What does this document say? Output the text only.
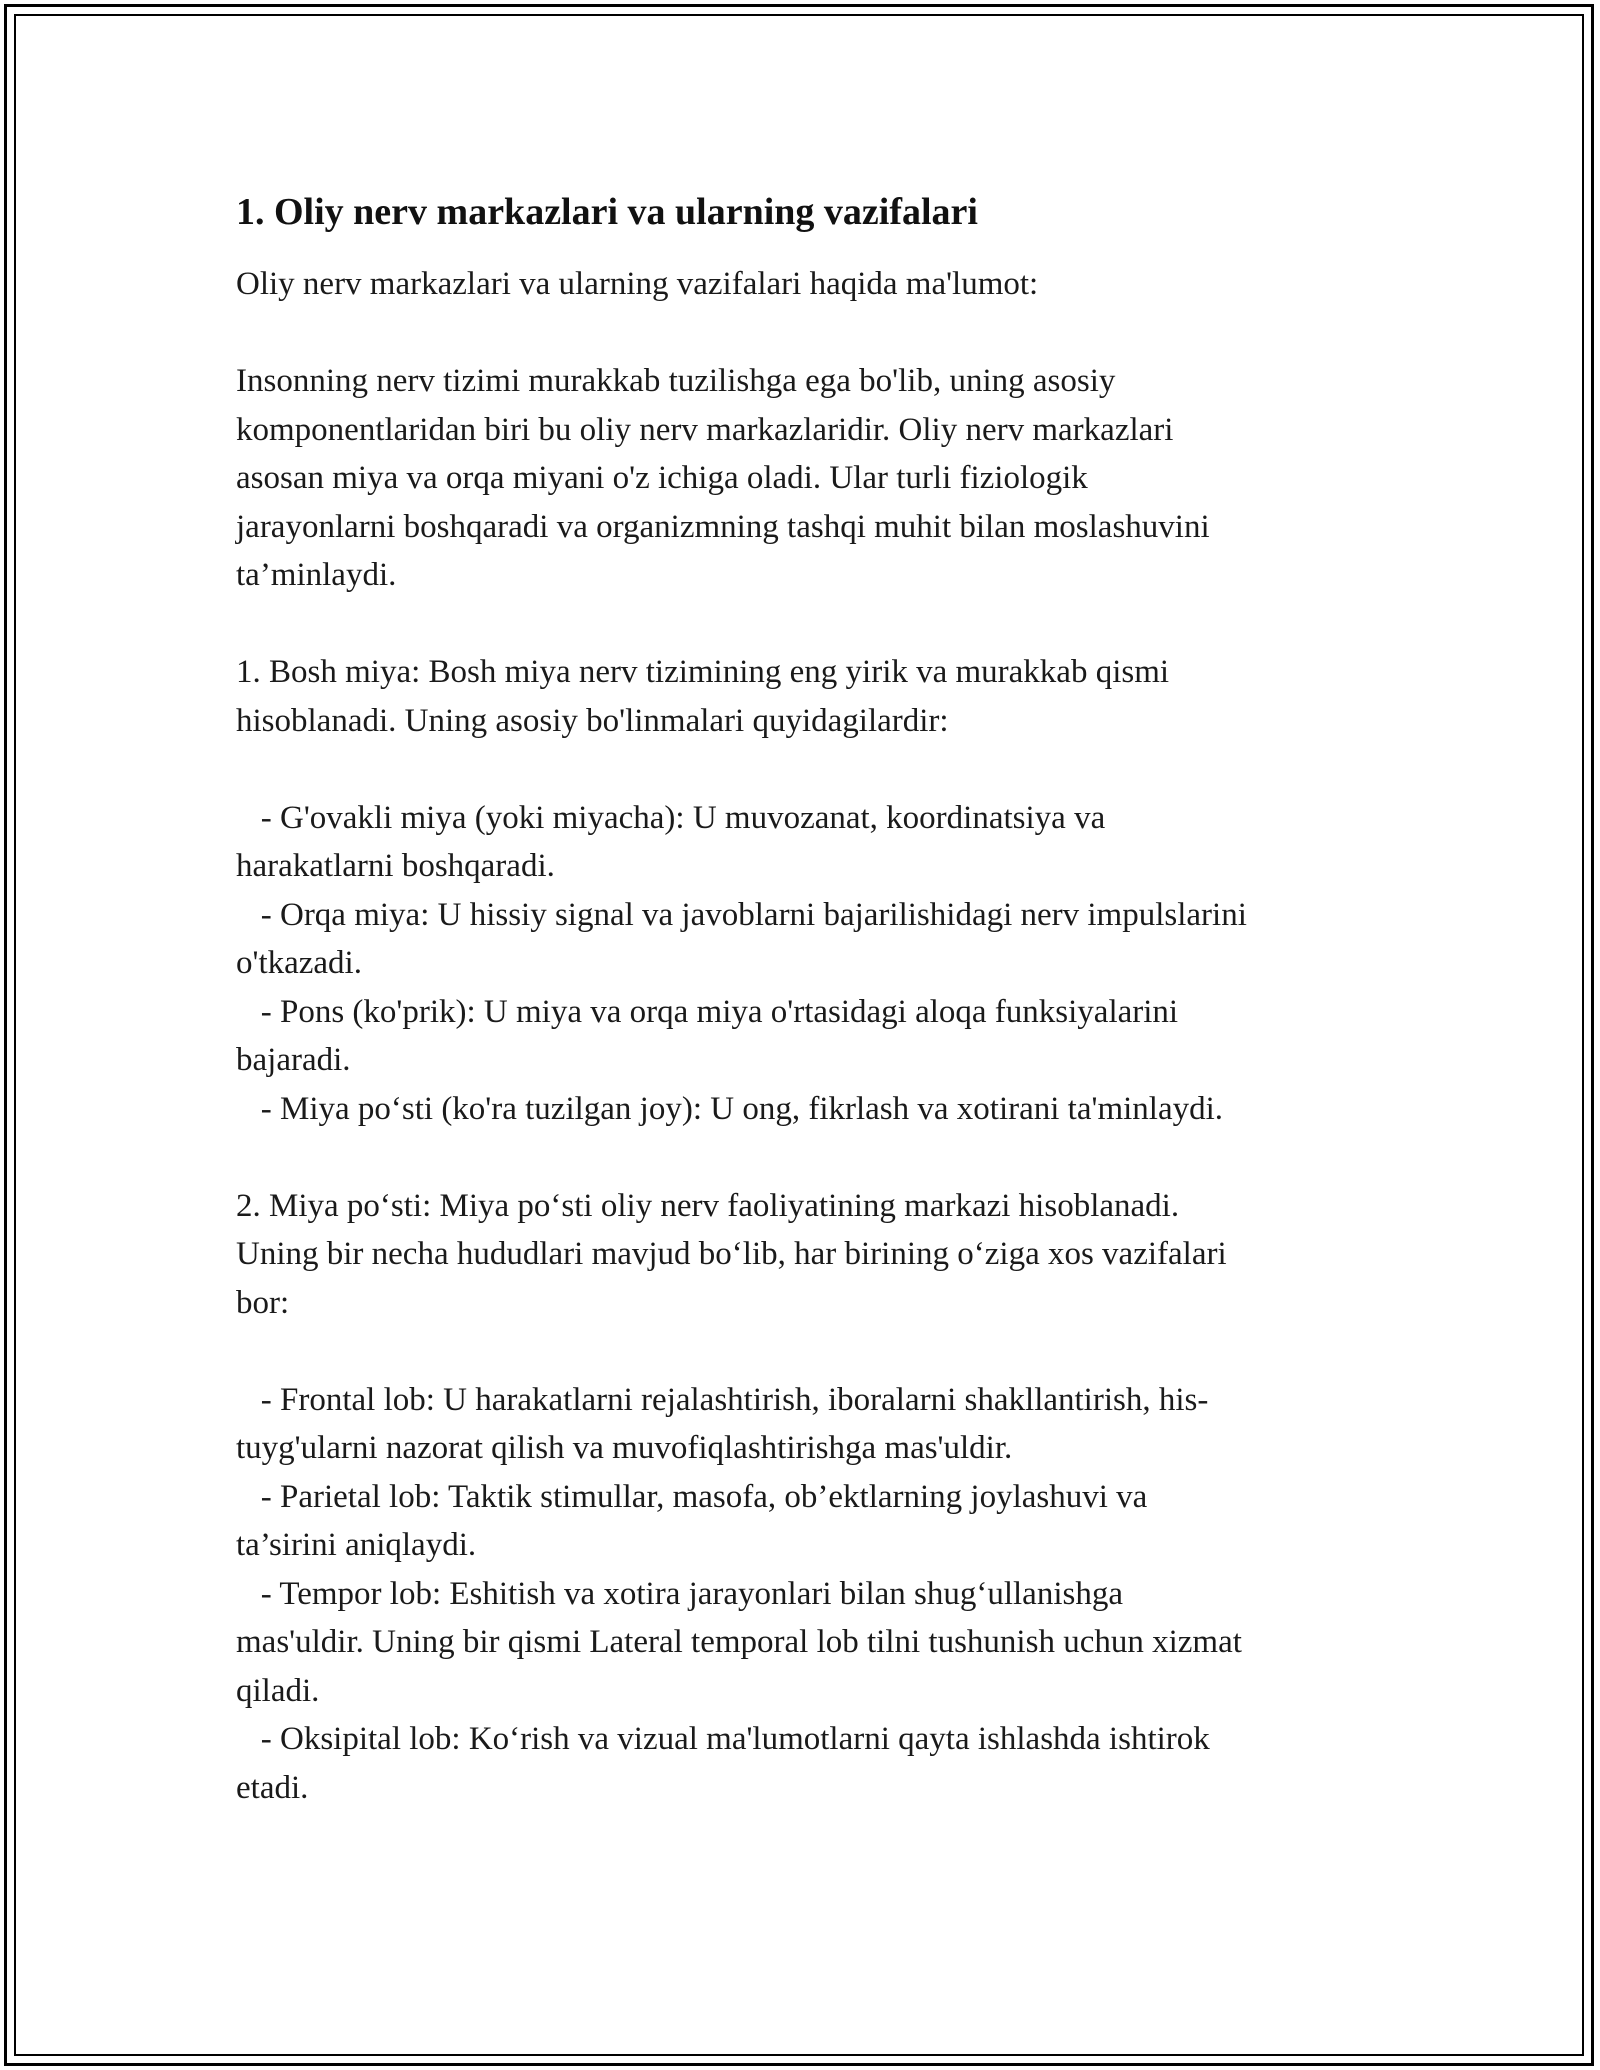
1. Oliy nerv markazlari va ularning vazifalari

Oliy nerv markazlari va ularning vazifalari haqida ma'lumot:

Insonning nerv tizimi murakkab tuzilishga ega bo'lib, uning asosiy
komponentlaridan biri bu oliy nerv markazlaridir. Oliy nerv markazlari
asosan miya va orqa miyani o'z ichiga oladi. Ular turli fiziologik
jarayonlarni boshqaradi va organizmning tashqi muhit bilan moslashuvini
ta’minlaydi.
1. Bosh miya: Bosh miya nerv tizimining eng yirik va murakkab qismi
hisoblanadi. Uning asosiy bo'linmalari quyidagilardir:
- G'ovakli miya (yoki miyacha): U muvozanat, koordinatsiya va
harakatlarni boshqaradi.
- Orqa miya: U hissiy signal va javoblarni bajarilishidagi nerv impulslarini
o'tkazadi.
- Pons (ko'prik): U miya va orqa miya o'rtasidagi aloqa funksiyalarini
bajaradi.
- Miya po‘sti (ko'ra tuzilgan joy): U ong, fikrlash va xotirani ta'minlaydi.
2. Miya po‘sti: Miya po‘sti oliy nerv faoliyatining markazi hisoblanadi.
Uning bir necha hududlari mavjud bo‘lib, har birining o‘ziga xos vazifalari
bor:
- Frontal lob: U harakatlarni rejalashtirish, iboralarni shakllantirish, his-
tuyg'ularni nazorat qilish va muvofiqlashtirishga mas'uldir.
- Parietal lob: Taktik stimullar, masofa, ob’ektlarning joylashuvi va
ta’sirini aniqlaydi.
- Tempor lob: Eshitish va xotira jarayonlari bilan shug‘ullanishga
mas'uldir. Uning bir qismi Lateral temporal lob tilni tushunish uchun xizmat
qiladi.
- Oksipital lob: Ko‘rish va vizual ma'lumotlarni qayta ishlashda ishtirok
etadi.
